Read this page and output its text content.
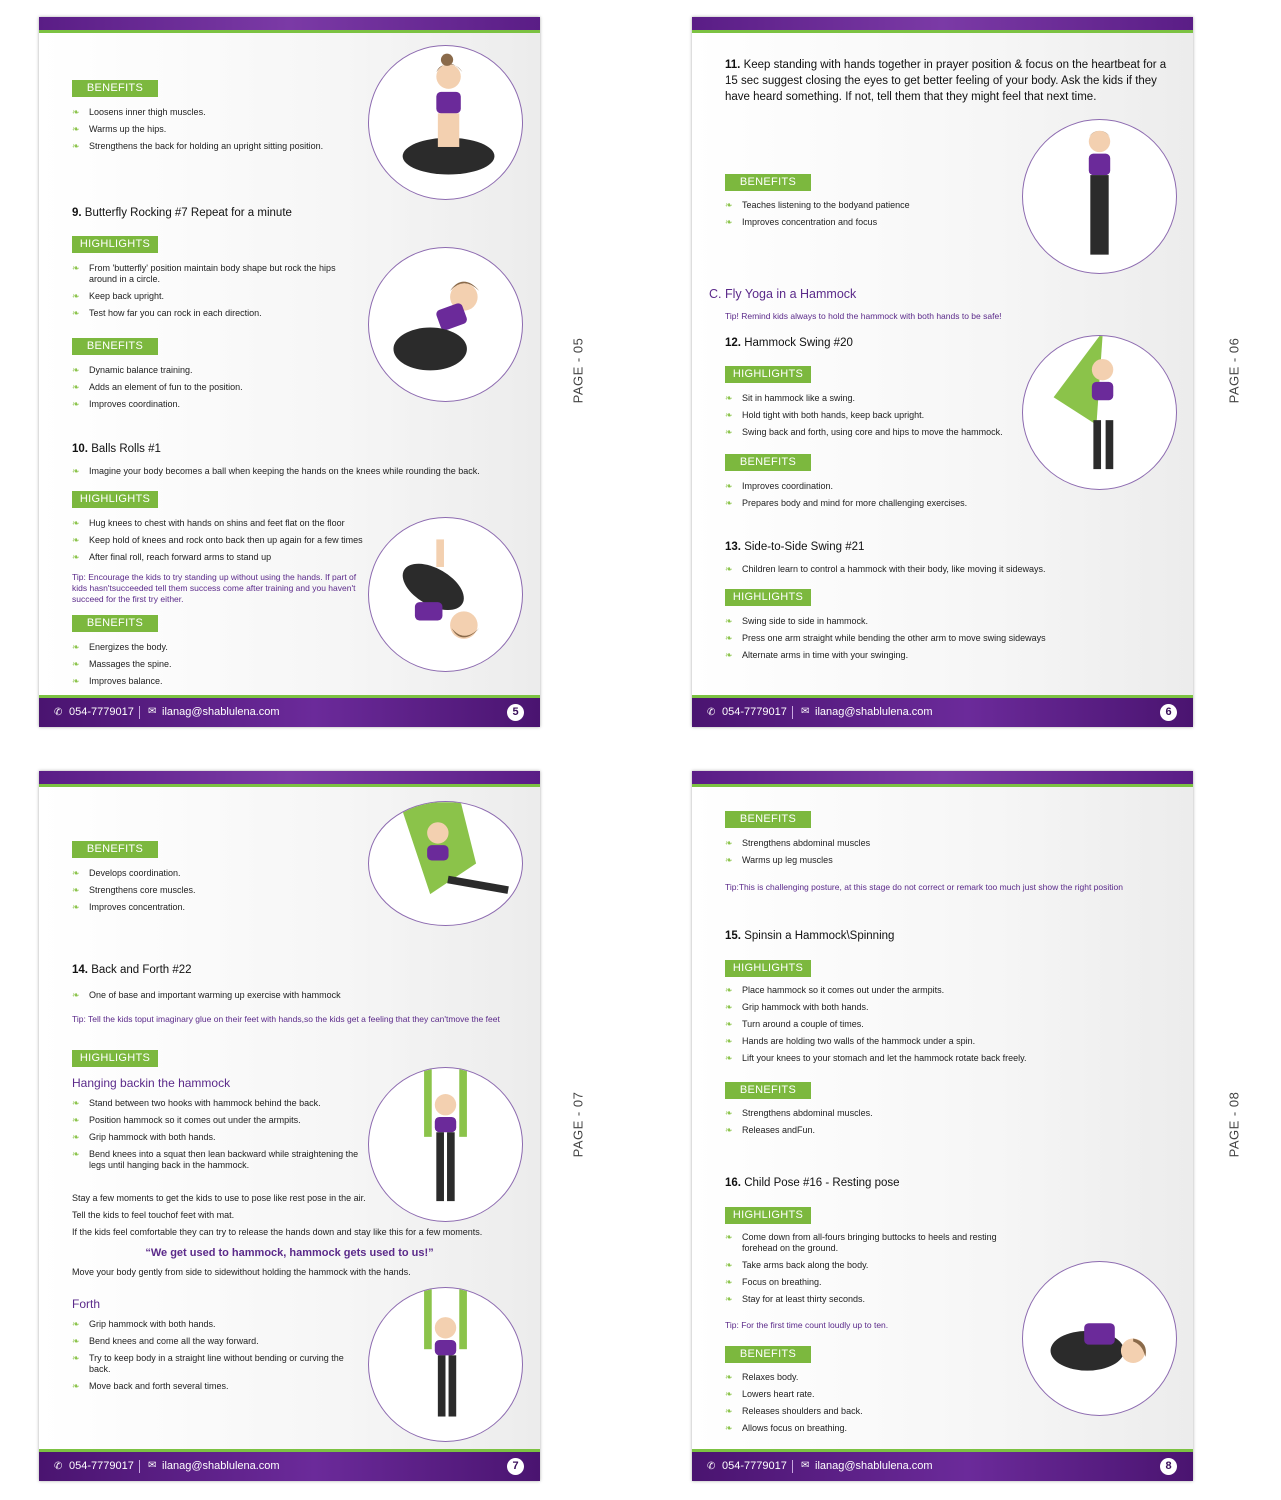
BENEFITS
❧ Loosens inner thigh muscles.
❧ Warms up the hips.
❧ Strengthens the back for holding an upright sitting position.
9. Butterfly Rocking #7 Repeat for a minute
HIGHLIGHTS
❧ From 'butterfly' position maintain body shape but rock the hips around in a circle.
❧ Keep back upright.
❧ Test how far you can rock in each direction.
BENEFITS
❧ Dynamic balance training.
❧ Adds an element of fun to the position.
❧ Improves coordination.
10. Balls Rolls #1
❧ Imagine your body becomes a ball when keeping the hands on the knees while rounding the back.
HIGHLIGHTS
❧ Hug knees to chest with hands on shins and feet flat on the floor
❧ Keep hold of knees and rock onto back then up again for a few times
❧ After final roll, reach forward arms to stand up
Tip: Encourage the kids to try standing up without using the hands. If part of kids hasn'tsucceeded tell them success come after training and you haven't succeed for the first try either.
BENEFITS
❧ Energizes the body.
❧ Massages the spine.
❧ Improves balance.
✆ 054-7779017 ✉ ilanag@shablulena.com	5
PAGE - 05
11. Keep standing with hands together in prayer position & focus on the heartbeat for a 15 sec suggest closing the eyes to get better feeling of your body. Ask the kids if they have heard something. If not, tell them that they might feel that next time.
BENEFITS
❧ Teaches listening to the bodyand patience
❧ Improves concentration and focus
C. Fly Yoga in a Hammock
Tip! Remind kids always to hold the hammock with both hands to be safe!
12. Hammock Swing #20
HIGHLIGHTS
❧ Sit in hammock like a swing.
❧ Hold tight with both hands, keep back upright.
❧ Swing back and forth, using core and hips to move the hammock.
BENEFITS
❧ Improves coordination.
❧ Prepares body and mind for more challenging exercises.
13. Side-to-Side Swing #21
❧ Children learn to control a hammock with their body, like moving it sideways.
HIGHLIGHTS
❧ Swing side to side in hammock.
❧ Press one arm straight while bending the other arm to move swing sideways
❧ Alternate arms in time with your swinging.
✆ 054-7779017 ✉ ilanag@shablulena.com	6
PAGE - 06
BENEFITS
❧ Develops coordination.
❧ Strengthens core muscles.
❧ Improves concentration.
14. Back and Forth #22
❧ One of base and important warming up exercise with hammock
Tip: Tell the kids toput imaginary glue on their feet with hands,so the kids get a feeling that they can'tmove the feet
HIGHLIGHTS
Hanging backin the hammock
❧ Stand between two hooks with hammock behind the back.
❧ Position hammock so it comes out under the armpits.
❧ Grip hammock with both hands.
❧ Bend knees into a squat then lean backward while straightening the legs until hanging back in the hammock.
Stay a few moments to get the kids to use to pose like rest pose in the air.
Tell the kids to feel touchof feet with mat.
If the kids feel comfortable they can try to release the hands down and stay like this for a few moments.
“We get used to hammock, hammock gets used to us!”
Move your body gently from side to sidewithout holding the hammock with the hands.
Forth
❧ Grip hammock with both hands.
❧ Bend knees and come all the way forward.
❧ Try to keep body in a straight line without bending or curving the back.
❧ Move back and forth several times.
✆ 054-7779017 ✉ ilanag@shablulena.com	7
PAGE - 07
BENEFITS
❧ Strengthens abdominal muscles
❧ Warms up leg muscles
Tip:This is challenging posture, at this stage do not correct or remark too much just show the right position
15. Spinsin a Hammock\Spinning
HIGHLIGHTS
❧ Place hammock so it comes out under the armpits.
❧ Grip hammock with both hands.
❧ Turn around a couple of times.
❧ Hands are holding two walls of the hammock under a spin.
❧ Lift your knees to your stomach and let the hammock rotate back freely.
BENEFITS
❧ Strengthens abdominal muscles.
❧ Releases andFun.
16. Child Pose #16 - Resting pose
HIGHLIGHTS
❧ Come down from all-fours bringing buttocks to heels and resting forehead on the ground.
❧ Take arms back along the body.
❧ Focus on breathing.
❧ Stay for at least thirty seconds.
Tip: For the first time count loudly up to ten.
BENEFITS
❧ Relaxes body.
❧ Lowers heart rate.
❧ Releases shoulders and back.
❧ Allows focus on breathing.
✆ 054-7779017 ✉ ilanag@shablulena.com	8
PAGE - 08
